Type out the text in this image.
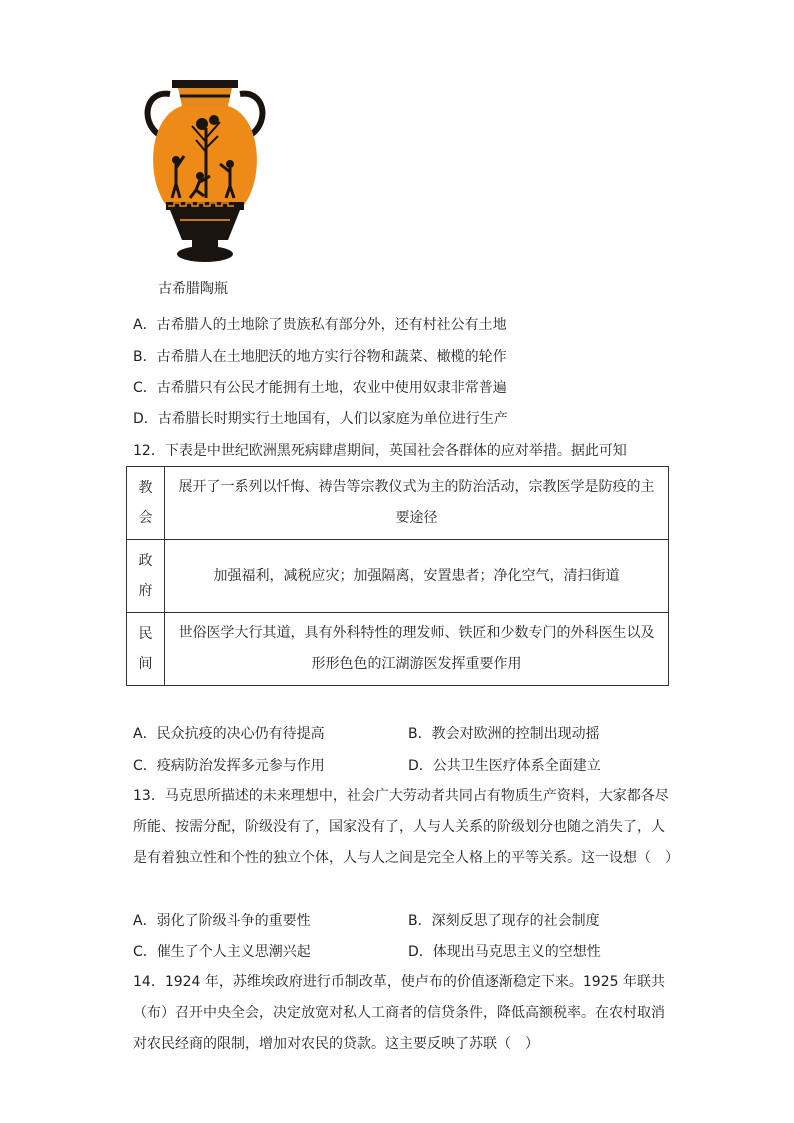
古希腊陶瓶
A．古希腊人的土地除了贵族私有部分外，还有村社公有土地
B．古希腊人在土地肥沃的地方实行谷物和蔬菜、橄榄的轮作
C．古希腊只有公民才能拥有土地，农业中使用奴隶非常普遍
D．古希腊长时期实行土地国有，人们以家庭为单位进行生产
12．下表是中世纪欧洲黑死病肆虐期间，英国社会各群体的应对举措。据此可知
教
会	展开了一系列以忏悔、祷告等宗教仪式为主的防治活动，宗教医学是防疫的主要途径

政
府	加强福利，减税应灾；加强隔离，安置患者；净化空气，清扫街道

民
间	世俗医学大行其道，具有外科特性的理发师、铁匠和少数专门的外科医生以及形形色色的江湖游医发挥重要作用
A．民众抗疫的决心仍有待提高	B．教会对欧洲的控制出现动摇
C．疫病防治发挥多元参与作用	D．公共卫生医疗体系全面建立
13．马克思所描述的未来理想中，社会广大劳动者共同占有物质生产资料，大家都各尽所能、按需分配，阶级没有了，国家没有了，人与人关系的阶级划分也随之消失了，人是有着独立性和个性的独立个体，人与人之间是完全人格上的平等关系。这一设想（　）
A．弱化了阶级斗争的重要性	B．深刻反思了现存的社会制度
C．催生了个人主义思潮兴起	D．体现出马克思主义的空想性
14．1924 年，苏维埃政府进行币制改革，使卢布的价值逐渐稳定下来。1925 年联共（布）召开中央全会，决定放宽对私人工商者的信贷条件，降低高额税率。在农村取消对农民经商的限制，增加对农民的贷款。这主要反映了苏联（　）
